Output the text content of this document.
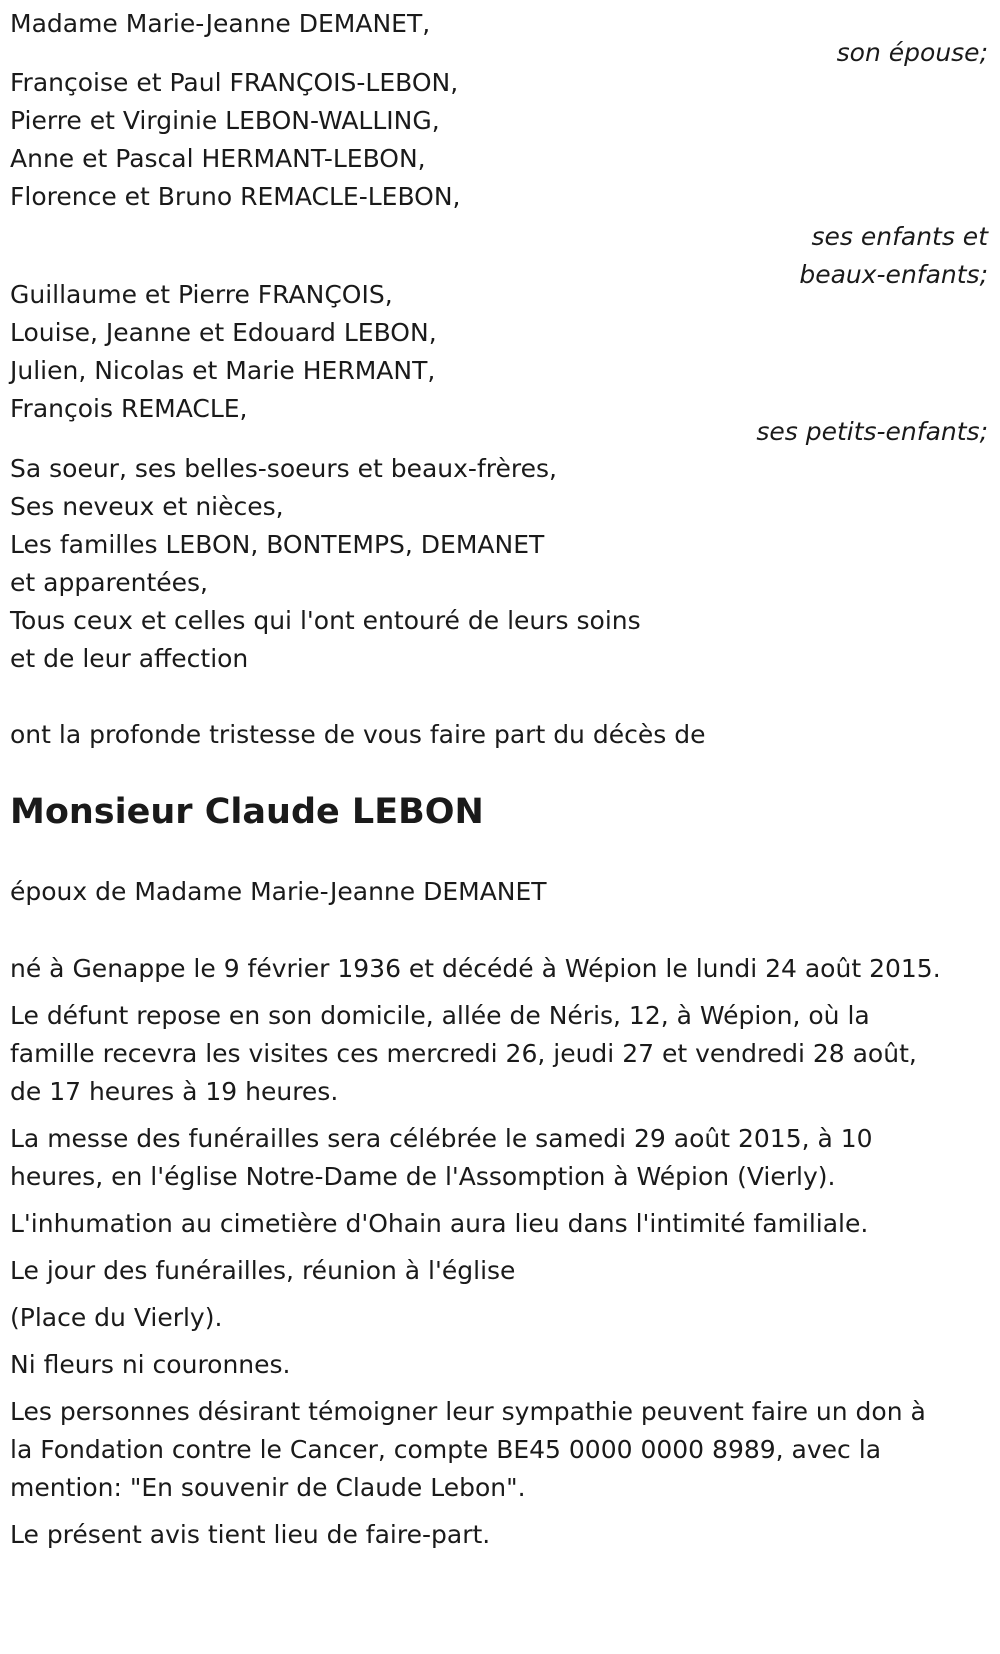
Madame Marie-Jeanne DEMANET,
son épouse;
Françoise et Paul FRANÇOIS-LEBON,
Pierre et Virginie LEBON-WALLING,
Anne et Pascal HERMANT-LEBON,
Florence et Bruno REMACLE-LEBON,
ses enfants et
beaux-enfants;
Guillaume et Pierre FRANÇOIS,
Louise, Jeanne et Edouard LEBON,
Julien, Nicolas et Marie HERMANT,
François REMACLE,
ses petits-enfants;
Sa soeur, ses belles-soeurs et beaux-frères,
Ses neveux et nièces,
Les familles LEBON, BONTEMPS, DEMANET
et apparentées,
Tous ceux et celles qui l'ont entouré de leurs soins
et de leur affection
ont la profonde tristesse de vous faire part du décès de
Monsieur Claude LEBON
époux de Madame Marie-Jeanne DEMANET
né à Genappe le 9 février 1936 et décédé à Wépion le lundi 24 août 2015.
Le défunt repose en son domicile, allée de Néris, 12, à Wépion, où la
famille recevra les visites ces mercredi 26, jeudi 27 et vendredi 28 août,
de 17 heures à 19 heures.
La messe des funérailles sera célébrée le samedi 29 août 2015, à 10
heures, en l'église Notre-Dame de l'Assomption à Wépion (Vierly).
L'inhumation au cimetière d'Ohain aura lieu dans l'intimité familiale.
Le jour des funérailles, réunion à l'église
(Place du Vierly).
Ni fleurs ni couronnes.
Les personnes désirant témoigner leur sympathie peuvent faire un don à
la Fondation contre le Cancer, compte BE45 0000 0000 8989, avec la
mention: "En souvenir de Claude Lebon".
Le présent avis tient lieu de faire-part.
